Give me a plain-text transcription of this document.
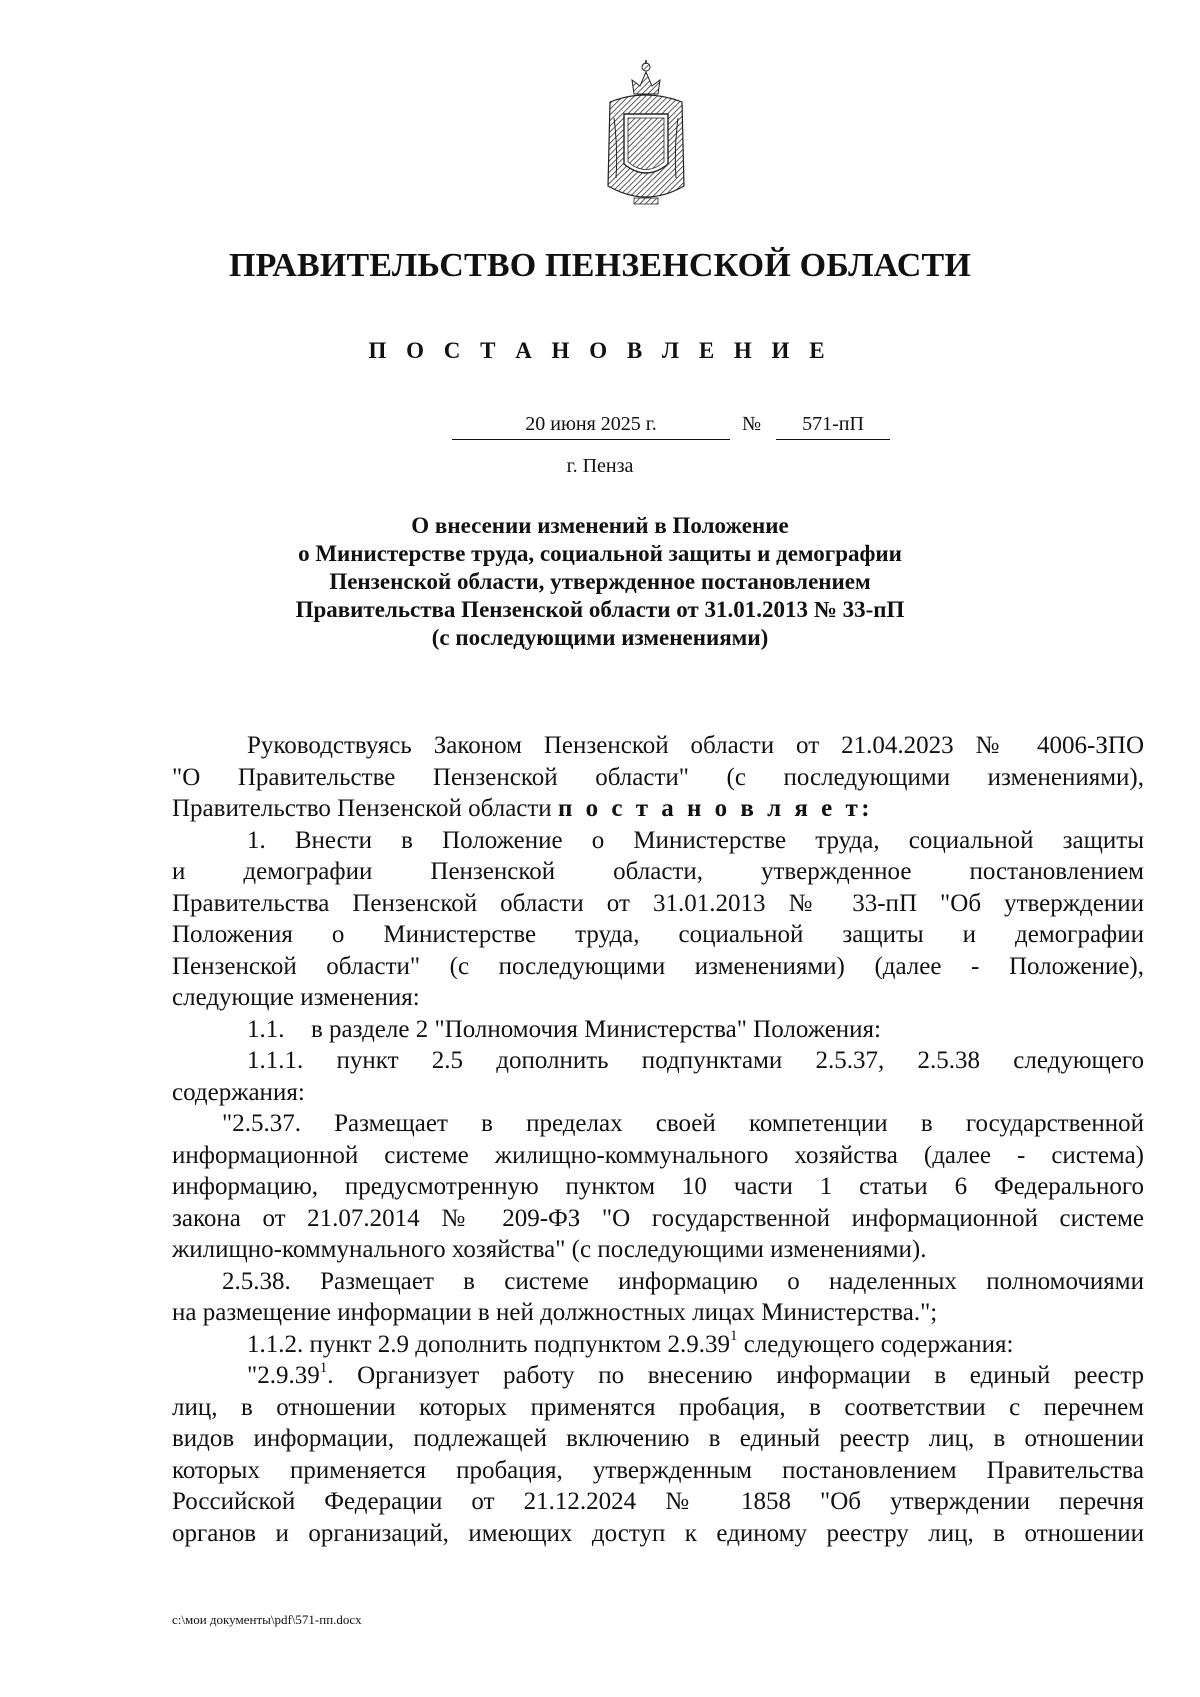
ПРАВИТЕЛЬСТВО ПЕНЗЕНСКОЙ ОБЛАСТИ
П О С Т А Н О В Л Е Н И Е
20 июня 2025 г.	№	571-пП
г. Пенза
О внесении изменений в Положение
о Министерстве труда, социальной защиты и демографии
Пензенской области, утвержденное постановлением
Правительства Пензенской области от 31.01.2013 № 33-пП
(с последующими изменениями)

Руководствуясь Законом Пензенской области от 21.04.2023 № 4006-ЗПО

"О Правительстве Пензенской области" (с последующими изменениями),

Правительство Пензенской области п о с т а н о в л я е т:

1. Внести в Положение о Министерстве труда, социальной защиты

и демографии Пензенской области, утвержденное постановлением

Правительства Пензенской области от 31.01.2013 № 33-пП "Об утверждении

Положения о Министерстве труда, социальной защиты и демографии

Пензенской области" (с последующими изменениями) (далее - Положение),

следующие изменения:

1.1. в разделе 2 "Полномочия Министерства" Положения:

1.1.1. пункт 2.5 дополнить подпунктами 2.5.37, 2.5.38 следующего

содержания:

"2.5.37. Размещает в пределах своей компетенции в государственной

информационной системе жилищно-коммунального хозяйства (далее - система)

информацию, предусмотренную пунктом 10 части 1 статьи 6 Федерального

закона от 21.07.2014 № 209-ФЗ "О государственной информационной системе

жилищно-коммунального хозяйства" (с последующими изменениями).

2.5.38. Размещает в системе информацию о наделенных полномочиями

на размещение информации в ней должностных лицах Министерства.";

1.1.2. пункт 2.9 дополнить подпунктом 2.9.39$^1$ следующего содержания:

"2.9.39$^1$. Организует работу по внесению информации в единый реестр

лиц, в отношении которых применятся пробация, в соответствии с перечнем

видов информации, подлежащей включению в единый реестр лиц, в отношении

которых применяется пробация, утвержденным постановлением Правительства

Российской Федерации от 21.12.2024 № 1858 "Об утверждении перечня

органов и организаций, имеющих доступ к единому реестру лиц, в отношении

c:\мои документы\pdf\571-пп.docx
